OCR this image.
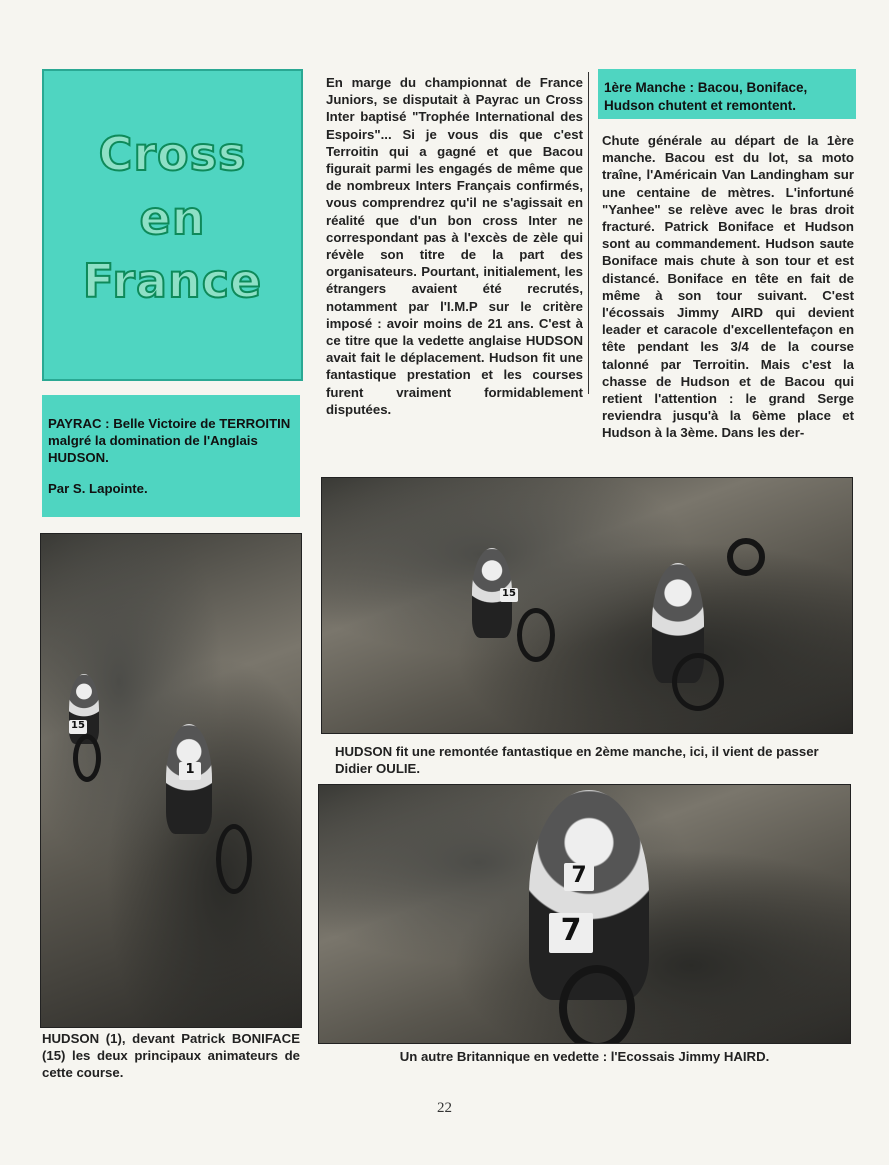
Cross
en
France
En marge du championnat de France Juniors, se disputait à Payrac un Cross Inter baptisé "Trophée International des Espoirs"... Si je vous dis que c'est Terroitin qui a gagné et que Bacou figurait parmi les engagés de même que de nombreux Inters Français confirmés, vous comprendrez qu'il ne s'agissait en réalité que d'un bon cross Inter ne correspondant pas à l'excès de zèle qui révèle son titre de la part des organisateurs. Pourtant, initialement, les étrangers avaient été recrutés, notamment par l'I.M.P sur le critère imposé : avoir moins de 21 ans. C'est à ce titre que la vedette anglaise HUDSON avait fait le déplacement. Hudson fit une fantastique prestation et les courses furent vraiment formidablement disputées.
1ère Manche : Bacou, Boniface, Hudson chutent et remontent.
Chute générale au départ de la 1ère manche. Bacou est du lot, sa moto traîne, l'Américain Van Landingham sur une centaine de mètres. L'infortuné "Yanhee" se relève avec le bras droit fracturé. Patrick Boniface et Hudson sont au commandement. Hudson saute Boniface mais chute à son tour et est distancé. Boniface en tête en fait de même à son tour suivant. C'est l'écossais Jimmy AIRD qui devient leader et caracole d'excellentefaçon en tête pendant les 3/4 de la course talonné par Terroitin. Mais c'est la chasse de Hudson et de Bacou qui retient l'attention : le grand Serge reviendra jusqu'à la 6ème place et Hudson à la 3ème. Dans les der-
PAYRAC : Belle Victoire de TERROITIN malgré la domination de l'Anglais HUDSON.
Par S. Lapointe.
15
1
15
HUDSON fit une remontée fantastique en 2ème manche, ici, il vient de passer Didier OULIE.
7
7
HUDSON (1), devant Patrick BONIFACE (15) les deux principaux animateurs de cette course.
Un autre Britannique en vedette : l'Ecossais Jimmy HAIRD.
22
